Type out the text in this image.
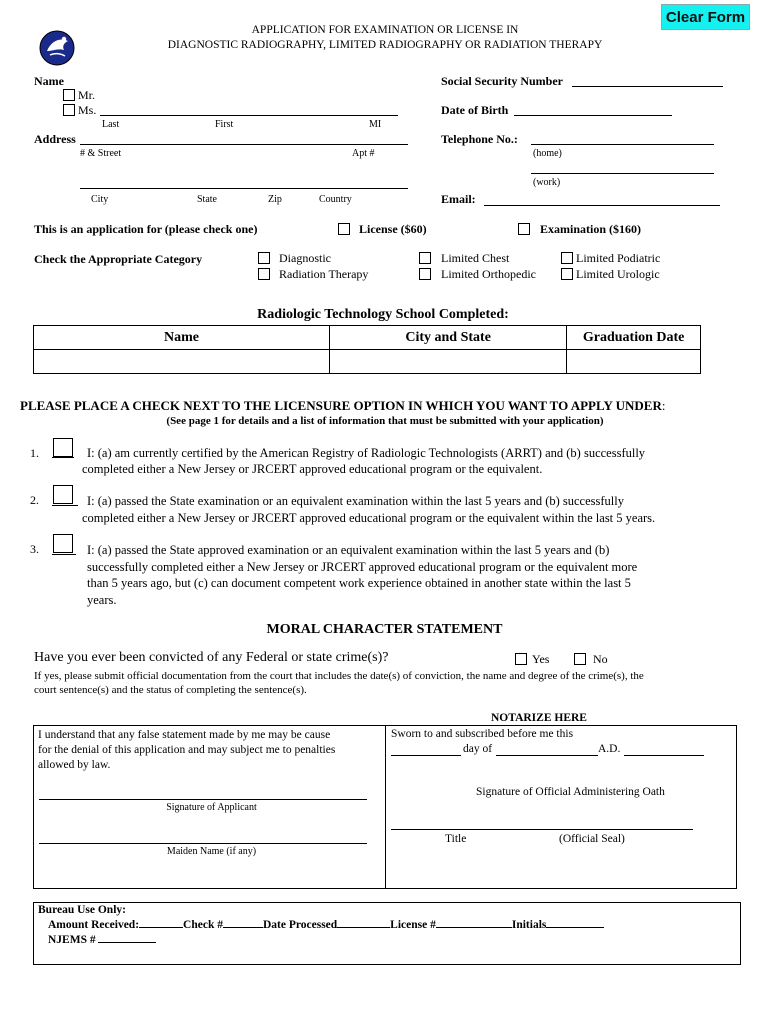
Clear Form
APPLICATION FOR EXAMINATION OR LICENSE IN
DIAGNOSTIC RADIOGRAPHY, LIMITED RADIOGRAPHY OR RADIATION THERAPY
Name
Mr.
Ms.
Last	First	MI
Address
# & Street	Apt #
City	State	Zip	Country
Social Security Number
Date of Birth
Telephone No.:
(home)
(work)
Email:
This is an application for (please check one)	License ($60)	Examination ($160)
Check the Appropriate Category	Diagnostic
Radiation Therapy
Limited Chest
Limited Orthopedic
Limited Podiatric
Limited Urologic
Radiologic Technology School Completed:
Name	City and State	Graduation Date

PLEASE PLACE A CHECK NEXT TO THE LICENSURE OPTION IN WHICH YOU WANT TO APPLY UNDER:
(See page 1 for details and a list of information that must be submitted with your application)
1.	I: (a) am currently certified by the American Registry of Radiologic Technologists (ARRT) and (b) successfully
completed either a New Jersey or JRCERT approved educational program or the equivalent.
2.	I: (a) passed the State examination or an equivalent examination within the last 5 years and (b) successfully
completed either a New Jersey or JRCERT approved educational program or the equivalent within the last 5 years.
3.	I: (a) passed the State approved examination or an equivalent examination within the last 5 years and (b)
successfully completed either a New Jersey or JRCERT approved educational program or the equivalent more
than 5 years ago, but (c) can document competent work experience obtained in another state within the last 5
years.
MORAL CHARACTER STATEMENT
Have you ever been convicted of any Federal or state crime(s)?	Yes	No
If yes, please submit official documentation from the court that includes the date(s) of conviction, the name and degree of the crime(s), the
court sentence(s) and the status of completing the sentence(s).
NOTARIZE HERE
I understand that any false statement made by me may be cause
for the denial of this application and may subject me to penalties
allowed by law.
Signature of Applicant
Maiden Name (if any)
Sworn to and subscribed before me this
day of	A.D.
Signature of Official Administering Oath
Title	(Official Seal)
Bureau Use Only:
Amount Received:	Check #	Date Processed	License #	Initials
NJEMS #
